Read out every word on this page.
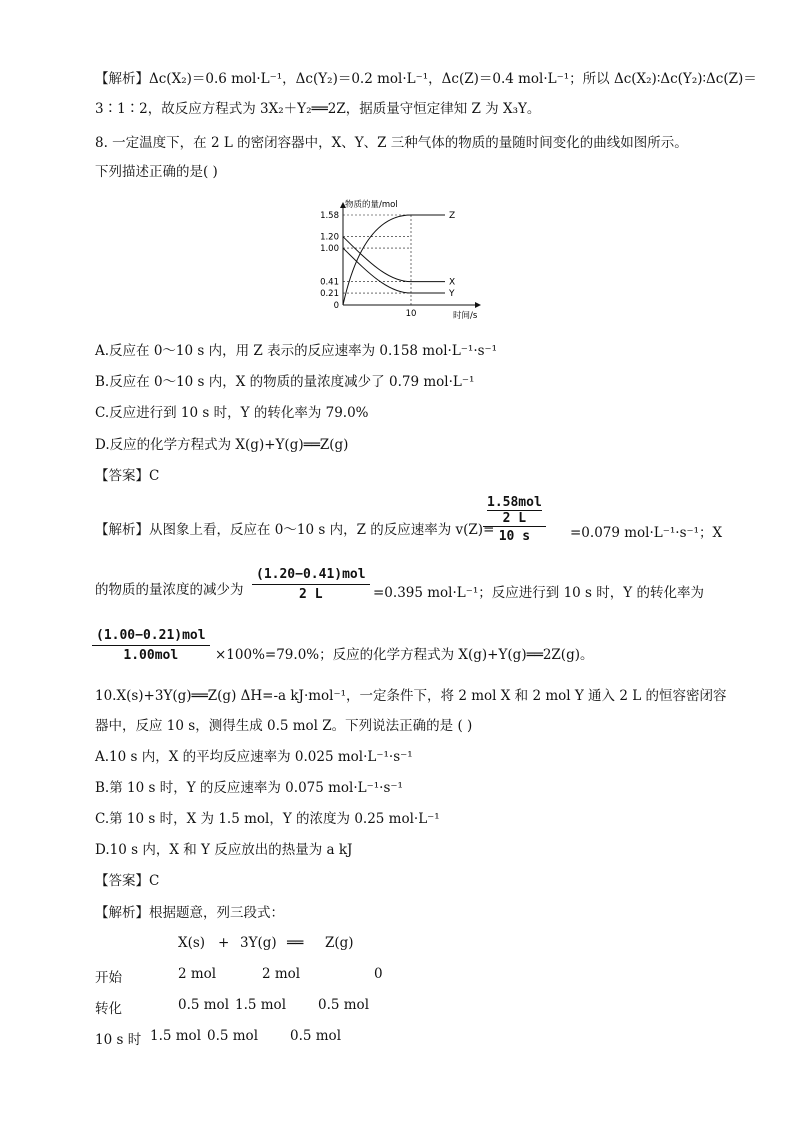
【解析】Δc(X₂)＝0.6 mol·L⁻¹，Δc(Y₂)＝0.2 mol·L⁻¹，Δc(Z)＝0.4 mol·L⁻¹；所以 Δc(X₂)∶Δc(Y₂)∶Δc(Z)＝
3∶1∶2，故反应方程式为 3X₂＋Y₂══2Z，据质量守恒定律知 Z 为 X₃Y。
8. 一定温度下，在 2 L 的密闭容器中，X、Y、Z 三种气体的物质的量随时间变化的曲线如图所示。
下列描述正确的是( )
物质的量/mol
时间/s
0
0.21
0.41
1.00
1.20
1.58
10
Z
X
Y
A.反应在 0～10 s 内，用 Z 表示的反应速率为 0.158 mol·L⁻¹·s⁻¹
B.反应在 0～10 s 内，X 的物质的量浓度减少了 0.79 mol·L⁻¹
C.反应进行到 10 s 时，Y 的转化率为 79.0%
D.反应的化学方程式为 X(g)+Y(g)══Z(g)
【答案】C
【解析】从图象上看，反应在 0～10 s 内，Z 的反应速率为 v(Z)=
1.58mol
2 L
10 s	=0.079 mol·L⁻¹·s⁻¹；X
的物质的量浓度的减少为
(1.20−0.41)mol
2 L	=0.395 mol·L⁻¹；反应进行到 10 s 时，Y 的转化率为
(1.00−0.21)mol
1.00mol	×100%=79.0%；反应的化学方程式为 X(g)+Y(g)══2Z(g)。
10.X(s)+3Y(g)══Z(g) ΔH=-a kJ·mol⁻¹，一定条件下，将 2 mol X 和 2 mol Y 通入 2 L 的恒容密闭容
器中，反应 10 s，测得生成 0.5 mol Z。下列说法正确的是 ( )
A.10 s 内，X 的平均反应速率为 0.025 mol·L⁻¹·s⁻¹
B.第 10 s 时，Y 的反应速率为 0.075 mol·L⁻¹·s⁻¹
C.第 10 s 时，X 为 1.5 mol，Y 的浓度为 0.25 mol·L⁻¹
D.10 s 内，X 和 Y 反应放出的热量为 a kJ
【答案】C
【解析】根据题意，列三段式：
X(s) + 3Y(g) ══ Z(g)
开始	2 mol	2 mol	0
转化	0.5 mol 1.5 mol 0.5 mol
10 s 时 1.5 mol 0.5 mol 0.5 mol
